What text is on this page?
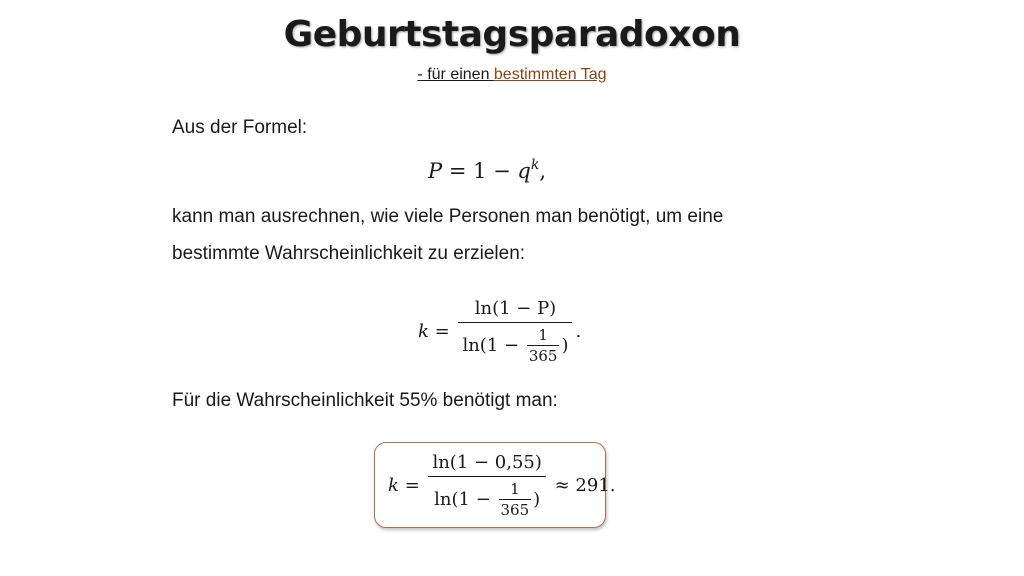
Geburtstagsparadoxon
- für einen bestimmten Tag
Aus der Formel:
$P = 1 - q^k$,
kann man ausrechnen, wie viele Personen man benötigt, um eine
bestimmte Wahrscheinlichkeit zu erzielen:
k =
ln(1 − P)
$\ln(1 - \frac{1}{365}$ )
.
Für die Wahrscheinlichkeit 55% benötigt man:
k =
ln(1 − 0,55)
$\ln(1 - \frac{1}{365}$ )
≈ 291.
